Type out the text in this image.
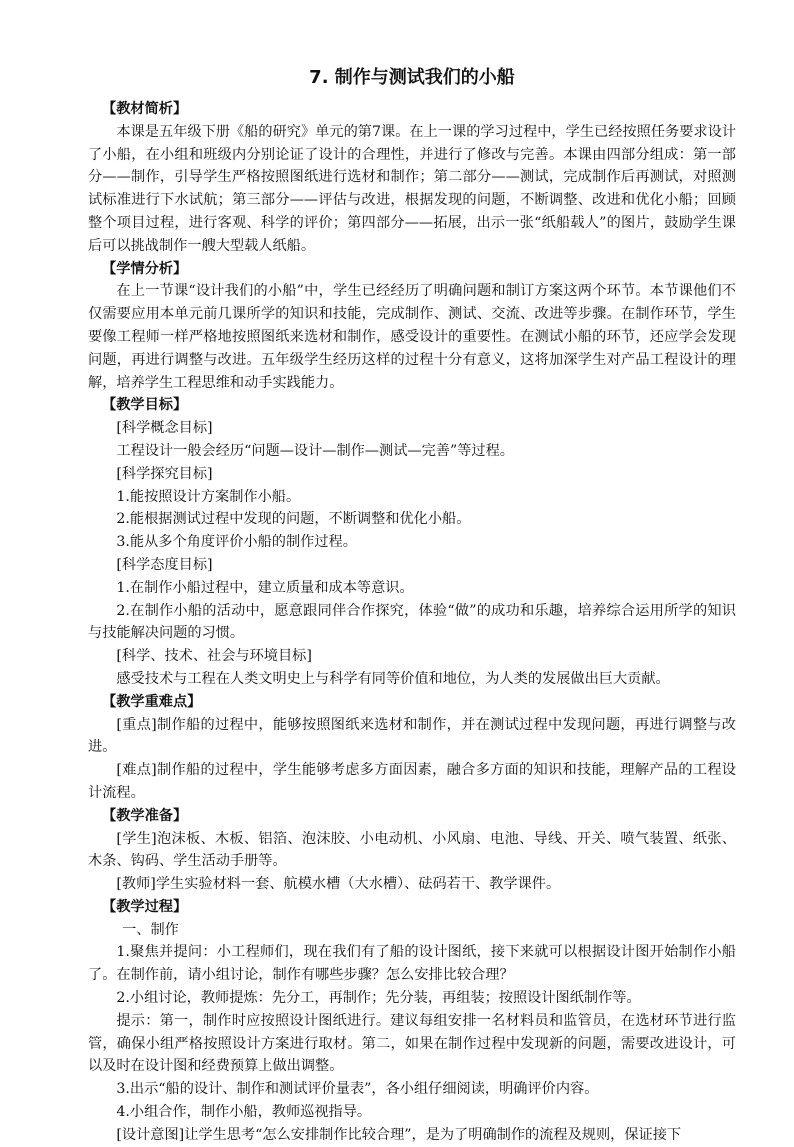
7. 制作与测试我们的小船
【教材简析】

本课是五年级下册《船的研究》单元的第7课。在上一课的学习过程中，学生已经按照任务要求设计了小船，在小组和班级内分别论证了设计的合理性，并进行了修改与完善。本课由四部分组成：第一部分——制作，引导学生严格按照图纸进行选材和制作；第二部分——测试，完成制作后再测试，对照测试标准进行下水试航；第三部分——评估与改进，根据发现的问题，不断调整、改进和优化小船；回顾整个项目过程，进行客观、科学的评价；第四部分——拓展，出示一张“纸船载人”的图片，鼓励学生课后可以挑战制作一艘大型载人纸船。

【学情分析】

在上一节课“设计我们的小船”中，学生已经经历了明确问题和制订方案这两个环节。本节课他们不仅需要应用本单元前几课所学的知识和技能，完成制作、测试、交流、改进等步骤。在制作环节，学生要像工程师一样严格地按照图纸来选材和制作，感受设计的重要性。在测试小船的环节，还应学会发现问题，再进行调整与改进。五年级学生经历这样的过程十分有意义，这将加深学生对产品工程设计的理解，培养学生工程思维和动手实践能力。

【教学目标】

[科学概念目标]

工程设计一般会经历“问题—设计—制作—测试—完善”等过程。

[科学探究目标]

1.能按照设计方案制作小船。

2.能根据测试过程中发现的问题，不断调整和优化小船。

3.能从多个角度评价小船的制作过程。

[科学态度目标]

1.在制作小船过程中，建立质量和成本等意识。

2.在制作小船的活动中，愿意跟同伴合作探究，体验“做”的成功和乐趣，培养综合运用所学的知识与技能解决问题的习惯。

[科学、技术、社会与环境目标]

感受技术与工程在人类文明史上与科学有同等价值和地位，为人类的发展做出巨大贡献。

【教学重难点】

[重点]制作船的过程中，能够按照图纸来选材和制作，并在测试过程中发现问题，再进行调整与改进。

[难点]制作船的过程中，学生能够考虑多方面因素，融合多方面的知识和技能，理解产品的工程设计流程。

【教学准备】

[学生]泡沫板、木板、铝箔、泡沫胶、小电动机、小风扇、电池、导线、开关、喷气装置、纸张、木条、钩码、学生活动手册等。

[教师]学生实验材料一套、航模水槽（大水槽）、砝码若干、教学课件。

【教学过程】

一、制作

1.聚焦并提问：小工程师们，现在我们有了船的设计图纸，接下来就可以根据设计图开始制作小船了。在制作前，请小组讨论，制作有哪些步骤？怎么安排比较合理？

2.小组讨论，教师提炼：先分工，再制作；先分装，再组装；按照设计图纸制作等。

提示：第一，制作时应按照设计图纸进行。建议每组安排一名材料员和监管员，在选材环节进行监管，确保小组严格按照设计方案进行取材。第二，如果在制作过程中发现新的问题，需要改进设计，可以及时在设计图和经费预算上做出调整。

3.出示“船的设计、制作和测试评价量表”，各小组仔细阅读，明确评价内容。

4.小组合作，制作小船，教师巡视指导。

[设计意图]让学生思考“怎么安排制作比较合理”，是为了明确制作的流程及规则，保证接下
